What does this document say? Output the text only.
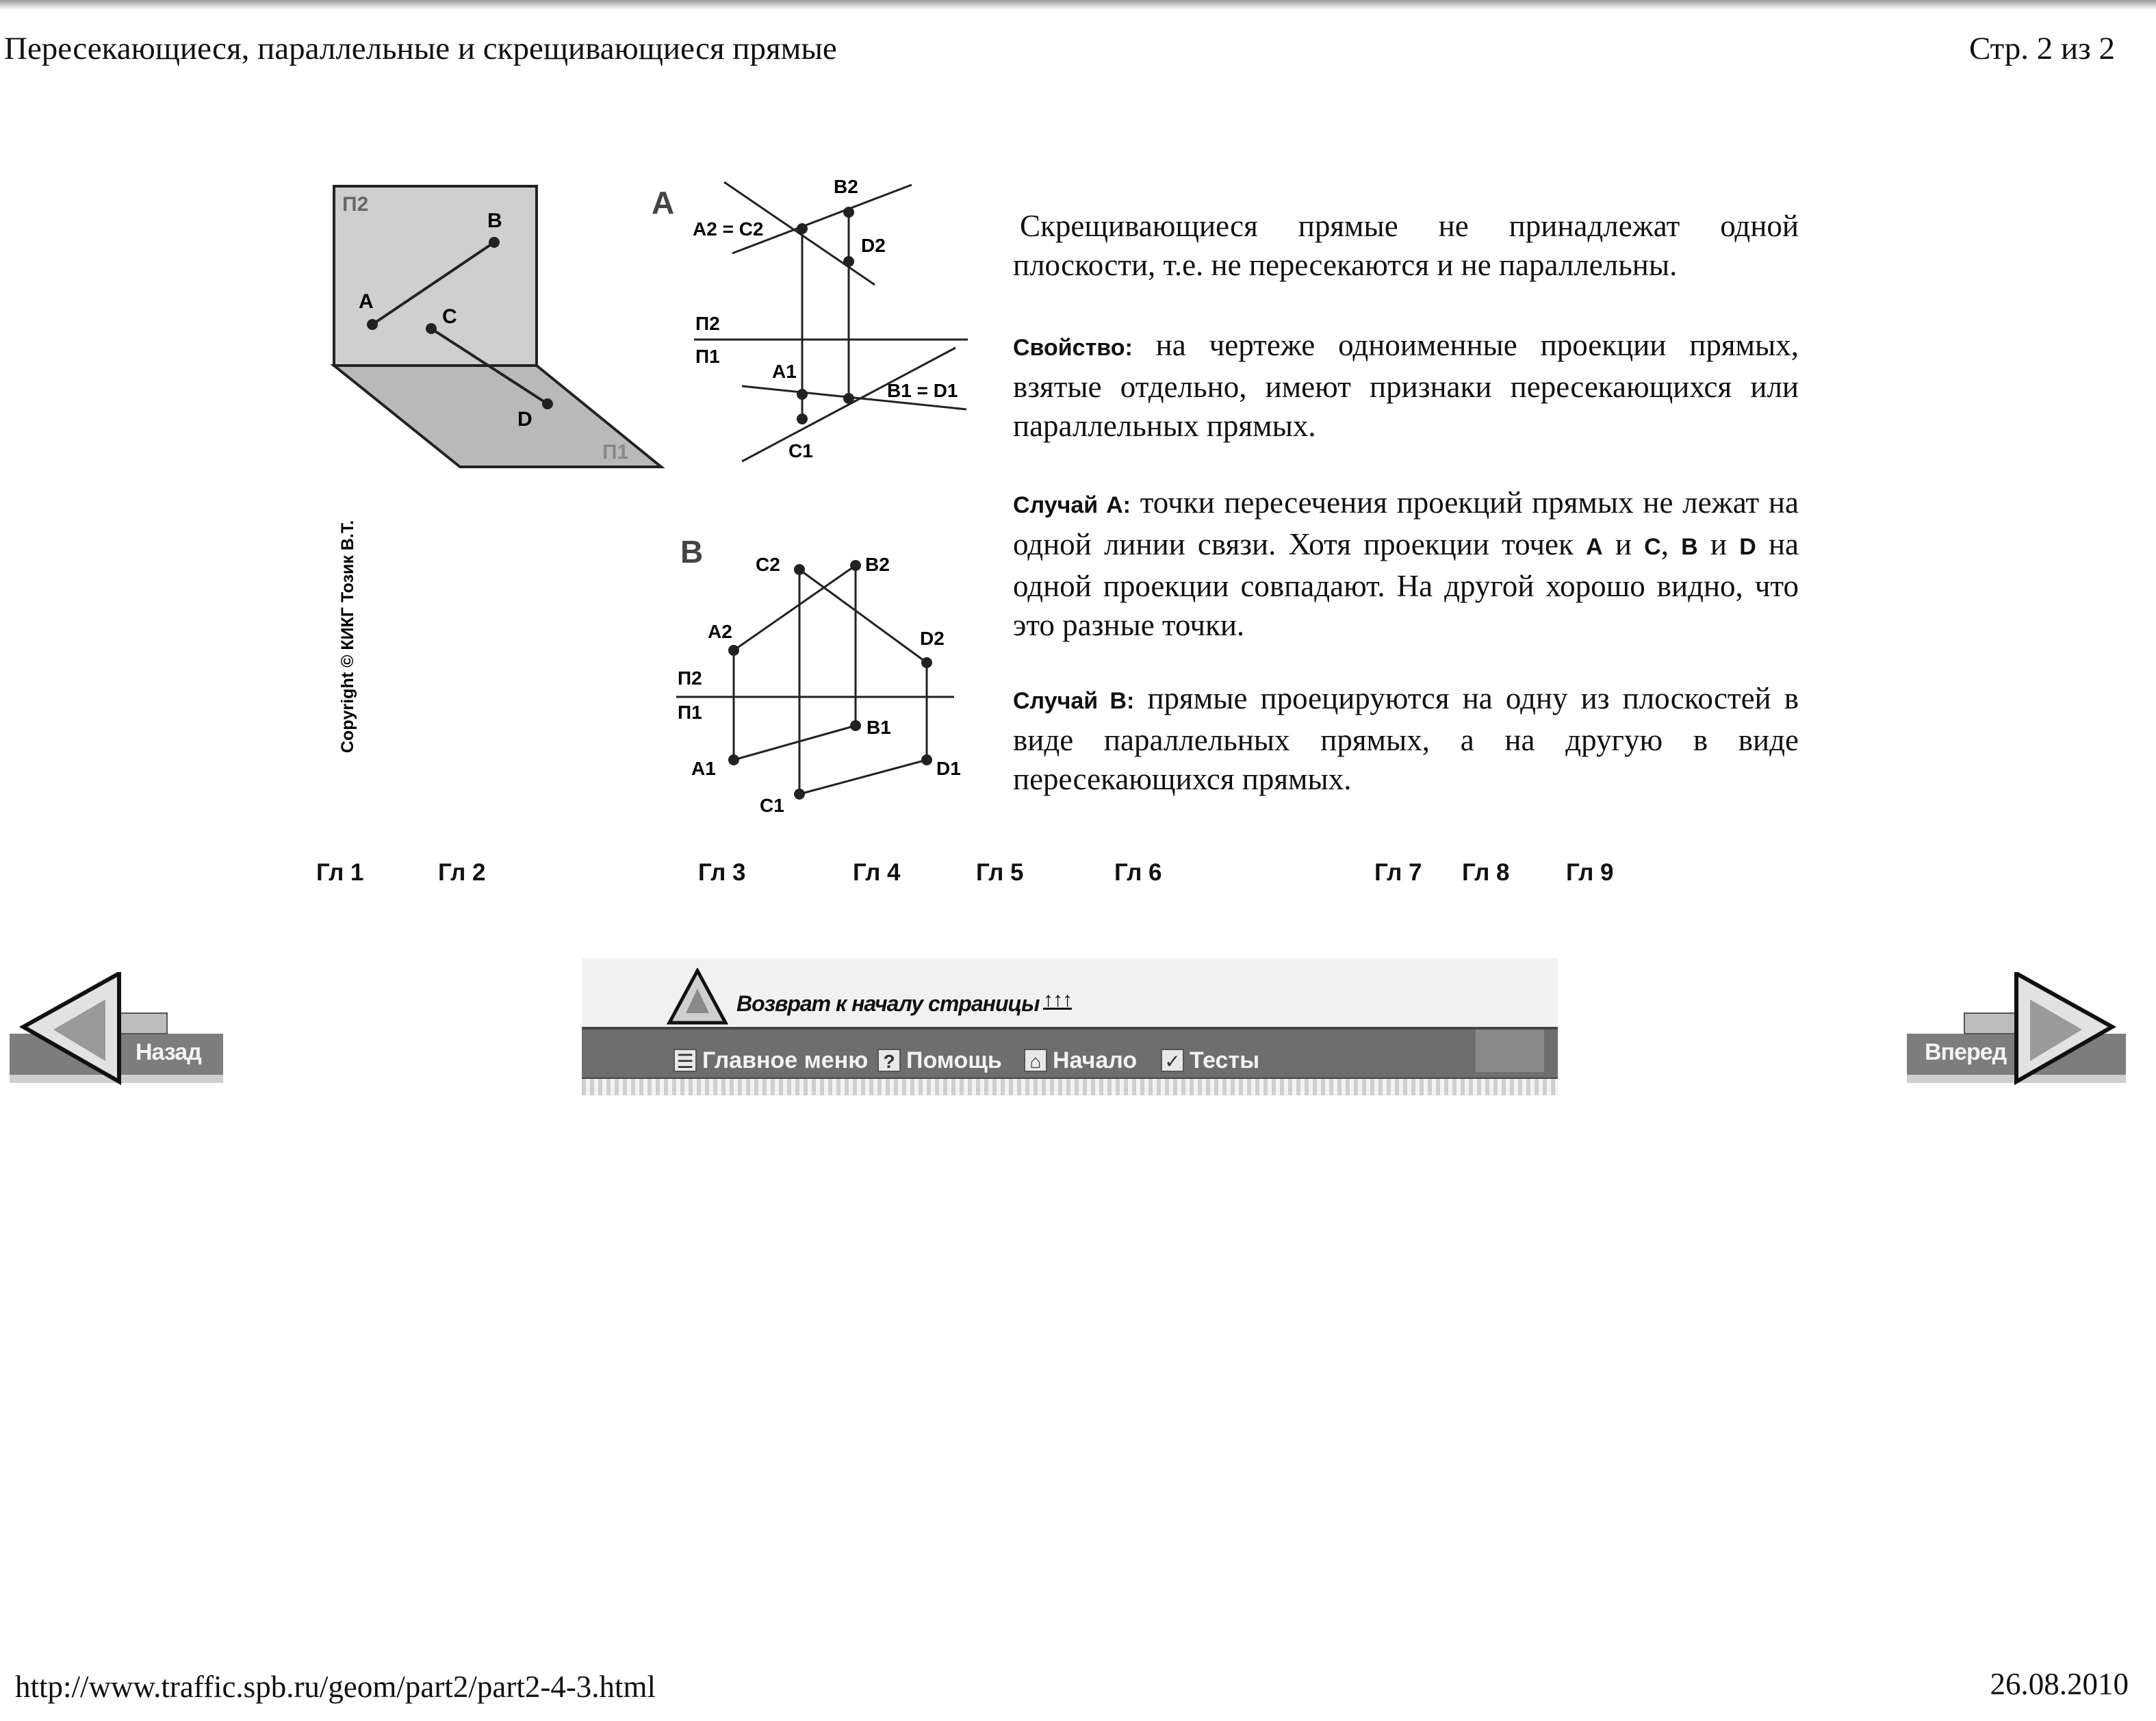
Пересекающиеся, параллельные и скрещивающиеся прямые	Стр. 2 из 2
П2
П1
A
B
C
D
Copyright © КИКГ Тозик В.Т.
A
A2 = C2
B2
D2
П2
П1
A1
B1 = D1
C1
B	C2	B2
A2	D2
П2
П1
B1
A1	D1
C1
Скрещивающиеся прямые не принадлежат одной плоскости, т.е. не пересекаются и не параллельны.
Свойство: на чертеже одноименные проекции прямых, взятые отдельно, имеют признаки пересекающихся или параллельных прямых.
Случай A: точки пересечения проекций прямых не лежат на одной линии связи. Хотя проекции точек A и C, B и D на одной проекции совпадают. На другой хорошо видно, что это разные точки.
Случай B: прямые проецируются на одну из плоскостей в виде параллельных прямых, а на другую в виде пересекающихся прямых.
Гл 1	Гл 2	Гл 3	Гл 4	Гл 5	Гл 6	Гл 7 Гл 8 Гл 9
Назад	Вперед
Возврат к началу страницы ↑↑↑
☰ Главное меню ? Помощь	⌂ Начало ✓ Тесты
http://www.traffic.spb.ru/geom/part2/part2-4-3.html	26.08.2010
